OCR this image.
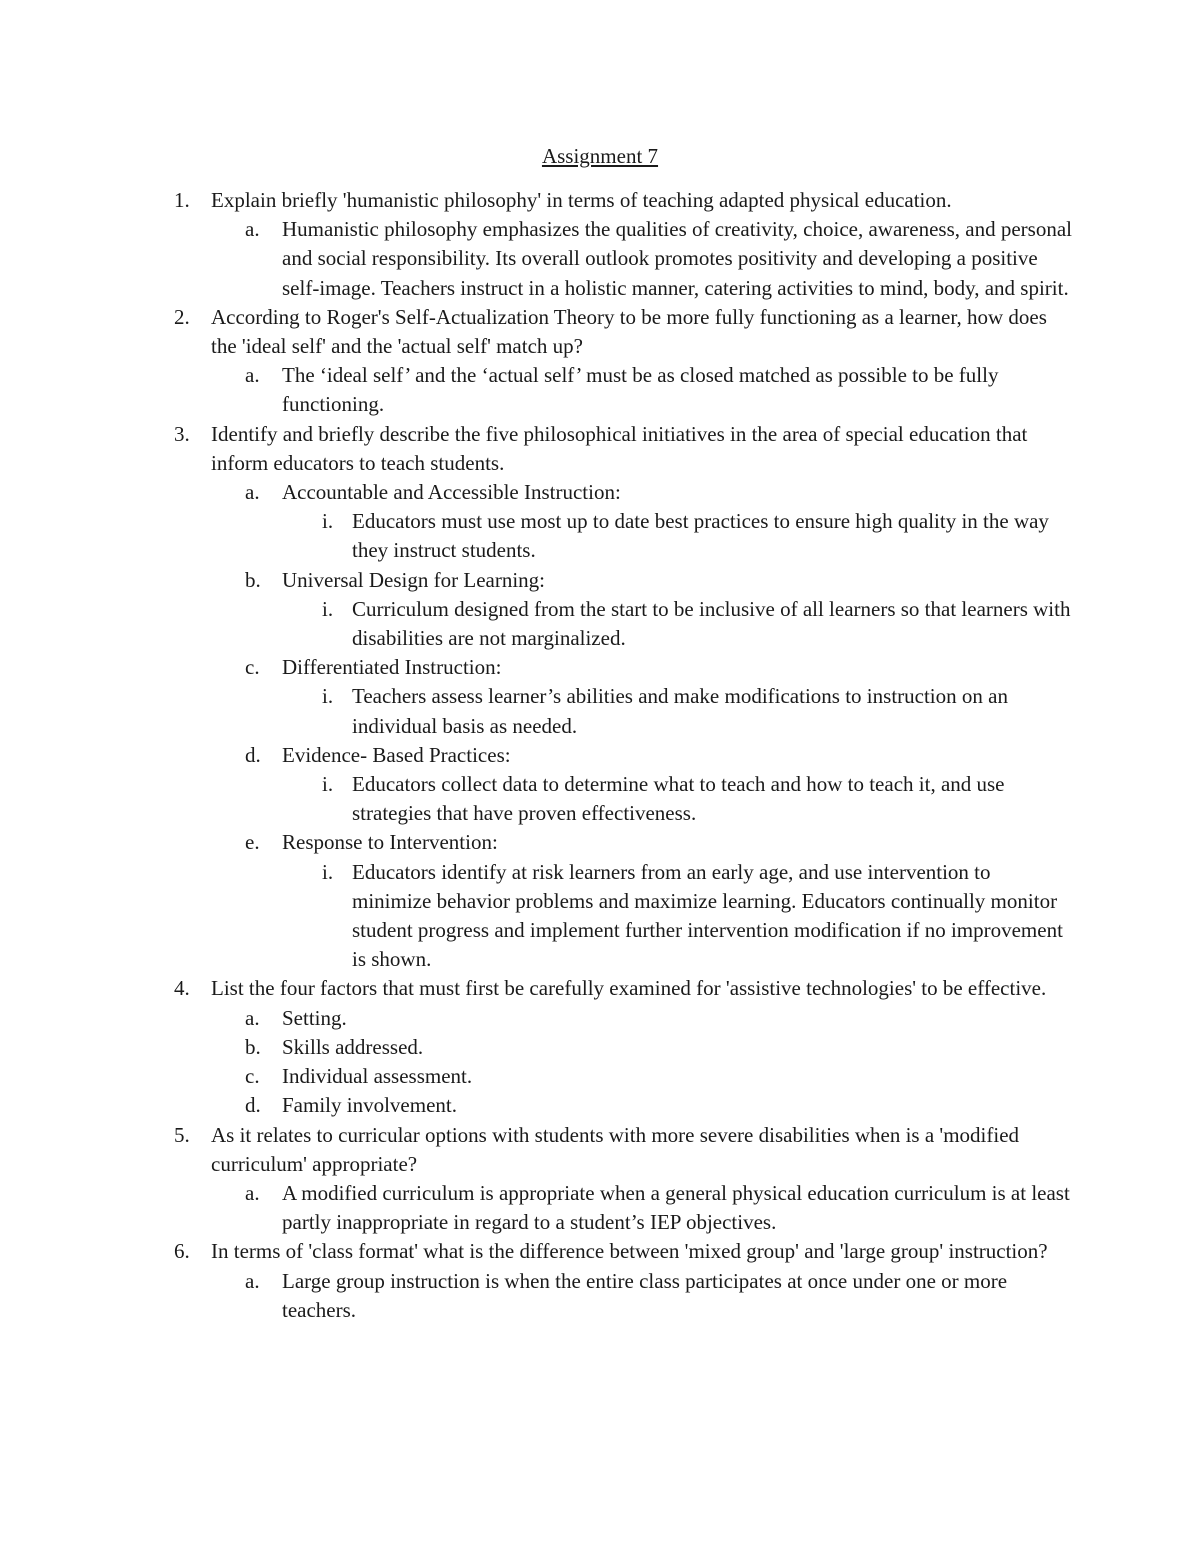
Assignment 7
1. Explain briefly 'humanistic philosophy' in terms of teaching adapted physical education.
a. Humanistic philosophy emphasizes the qualities of creativity, choice, awareness, and personal and social responsibility. Its overall outlook promotes positivity and developing a positive self-image. Teachers instruct in a holistic manner, catering activities to mind, body, and spirit.
2. According to Roger's Self-Actualization Theory to be more fully functioning as a learner, how does the 'ideal self' and the 'actual self' match up?
a. The ‘ideal self’ and the ‘actual self’ must be as closed matched as possible to be fully functioning.
3. Identify and briefly describe the five philosophical initiatives in the area of special education that inform educators to teach students.
a. Accountable and Accessible Instruction:
i. Educators must use most up to date best practices to ensure high quality in the way they instruct students.
b. Universal Design for Learning:
i. Curriculum designed from the start to be inclusive of all learners so that learners with disabilities are not marginalized.
c. Differentiated Instruction:
i. Teachers assess learner’s abilities and make modifications to instruction on an individual basis as needed.
d. Evidence- Based Practices:
i. Educators collect data to determine what to teach and how to teach it, and use strategies that have proven effectiveness.
e. Response to Intervention:
i. Educators identify at risk learners from an early age, and use intervention to minimize behavior problems and maximize learning. Educators continually monitor student progress and implement further intervention modification if no improvement is shown.
4. List the four factors that must first be carefully examined for 'assistive technologies' to be effective.
a. Setting.
b. Skills addressed.
c. Individual assessment.
d. Family involvement.
5. As it relates to curricular options with students with more severe disabilities when is a 'modified curriculum' appropriate?
a. A modified curriculum is appropriate when a general physical education curriculum is at least partly inappropriate in regard to a student’s IEP objectives.
6. In terms of 'class format' what is the difference between 'mixed group' and 'large group' instruction?
a. Large group instruction is when the entire class participates at once under one or more teachers.
